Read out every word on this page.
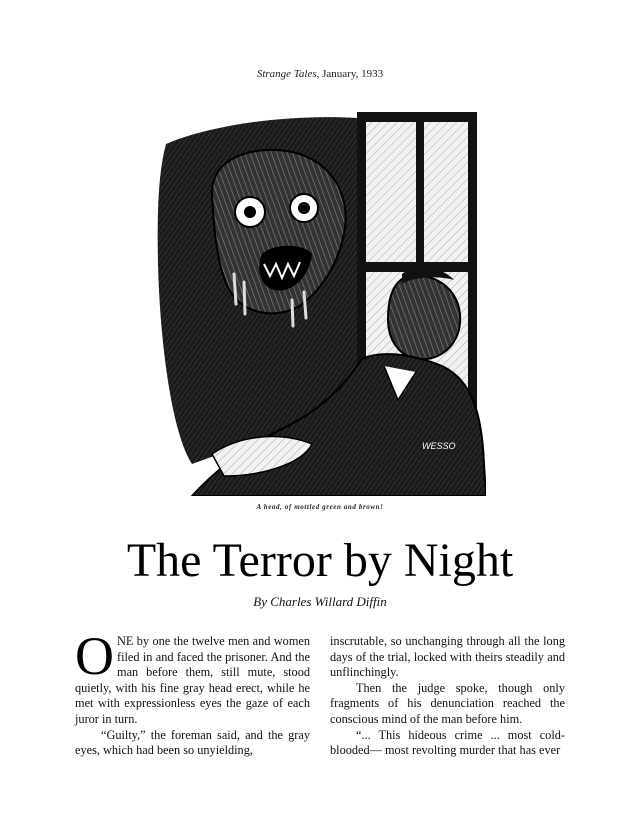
Strange Tales, January, 1933
WESSO
A head, of mottled green and brown!
The Terror by Night
By Charles Willard Diffin

ONE by one the twelve men and women filed in and faced the prisoner. And the man before them, still mute, stood quietly, with his fine gray head erect, while he met with expressionless eyes the gaze of each juror in turn.

“Guilty,” the foreman said, and the gray eyes, which had been so unyielding,

inscrutable, so unchanging through all the long days of the trial, locked with theirs steadily and unflinchingly.

Then the judge spoke, though only fragments of his denunciation reached the conscious mind of the man before him.

“... This hideous crime ... most cold-blooded— most revolting murder that has ever
